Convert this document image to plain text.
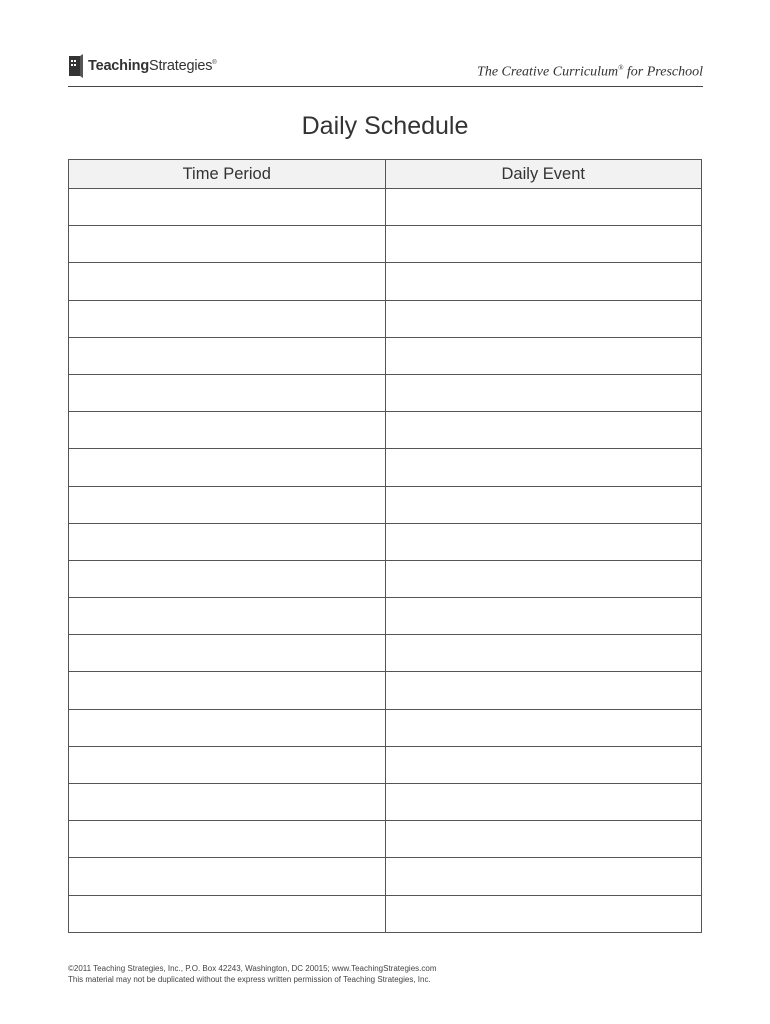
TeachingStrategies®
The Creative Curriculum® for Preschool
Daily Schedule
Time Period	Daily Event

©2011 Teaching Strategies, Inc., P.O. Box 42243, Washington, DC 20015; www.TeachingStrategies.com
This material may not be duplicated without the express written permission of Teaching Strategies, Inc.
